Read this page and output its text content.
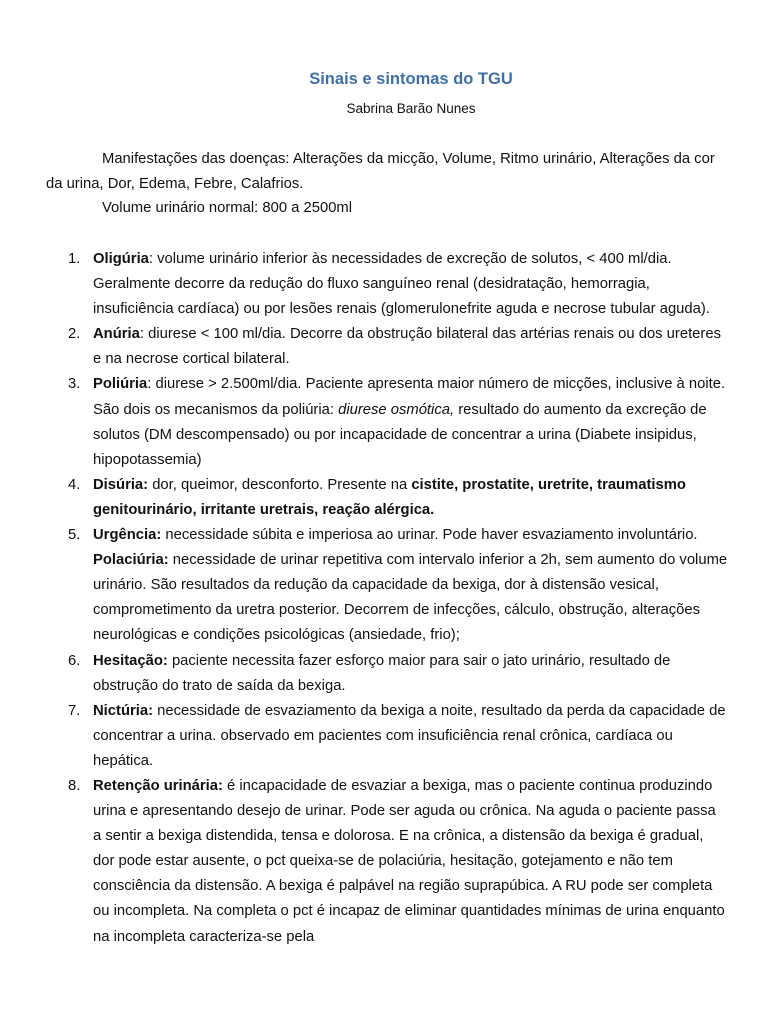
Sinais e sintomas do TGU

Sabrina Barão Nunes

Manifestações das doenças: Alterações da micção, Volume, Ritmo urinário, Alterações da cor da urina, Dor, Edema, Febre, Calafrios.

Volume urinário normal: 800 a 2500ml

1. Oligúria: volume urinário inferior às necessidades de excreção de solutos, < 400 ml/dia. Geralmente decorre da redução do fluxo sanguíneo renal (desidratação, hemorragia, insuficiência cardíaca) ou por lesões renais (glomerulonefrite aguda e necrose tubular aguda).
2. Anúria: diurese < 100 ml/dia. Decorre da obstrução bilateral das artérias renais ou dos ureteres e na necrose cortical bilateral.
3. Poliúria: diurese > 2.500ml/dia. Paciente apresenta maior número de micções, inclusive à noite. São dois os mecanismos da poliúria: diurese osmótica, resultado do aumento da excreção de solutos (DM descompensado) ou por incapacidade de concentrar a urina (Diabete insipidus, hipopotassemia)
4. Disúria: dor, queimor, desconforto. Presente na cistite, prostatite, uretrite, traumatismo genitourinário, irritante uretrais, reação alérgica.
5. Urgência: necessidade súbita e imperiosa ao urinar. Pode haver esvaziamento involuntário. Polaciúria: necessidade de urinar repetitiva com intervalo inferior a 2h, sem aumento do volume urinário. São resultados da redução da capacidade da bexiga, dor à distensão vesical, comprometimento da uretra posterior. Decorrem de infecções, cálculo, obstrução, alterações neurológicas e condições psicológicas (ansiedade, frio);
6. Hesitação: paciente necessita fazer esforço maior para sair o jato urinário, resultado de obstrução do trato de saída da bexiga.
7. Nictúria: necessidade de esvaziamento da bexiga a noite, resultado da perda da capacidade de concentrar a urina. observado em pacientes com insuficiência renal crônica, cardíaca ou hepática.
8. Retenção urinária: é incapacidade de esvaziar a bexiga, mas o paciente continua produzindo urina e apresentando desejo de urinar. Pode ser aguda ou crônica. Na aguda o paciente passa a sentir a bexiga distendida, tensa e dolorosa. E na crônica, a distensão da bexiga é gradual, dor pode estar ausente, o pct queixa-se de polaciúria, hesitação, gotejamento e não tem consciência da distensão. A bexiga é palpável na região suprapúbica. A RU pode ser completa ou incompleta. Na completa o pct é incapaz de eliminar quantidades mínimas de urina enquanto na incompleta caracteriza-se pela
